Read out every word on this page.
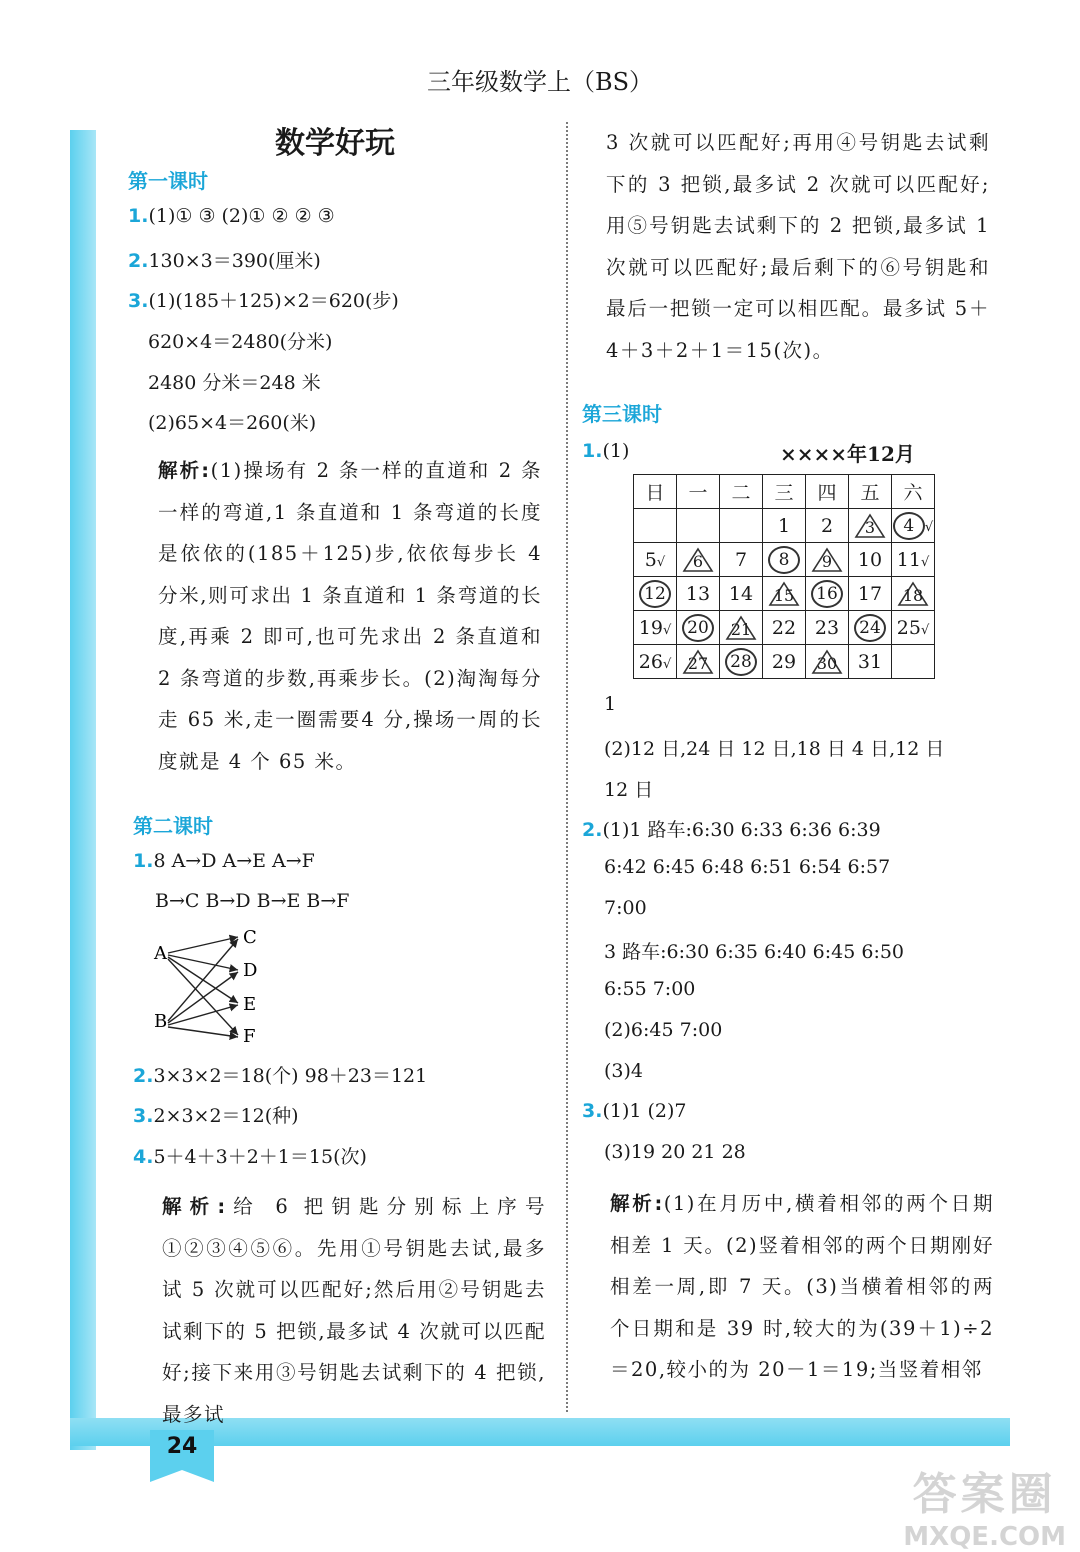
三年级数学上（BS）
数学好玩
第一课时
1.(1)① ③ (2)① ② ② ③
2.130×3＝390(厘米)
3.(1)(185＋125)×2＝620(步)
620×4＝2480(分米)
2480 分米＝248 米
(2)65×4＝260(米)
解析:(1)操场有 2 条一样的直道和 2 条一样的弯道,1 条直道和 1 条弯道的长度是依依的(185＋125)步,依依每步长 4 分米,则可求出 1 条直道和 1 条弯道的长度,再乘 2 即可,也可先求出 2 条直道和 2 条弯道的步数,再乘步长。(2)淘淘每分走 65 米,走一圈需要4 分,操场一周的长度就是 4 个 65 米。
第二课时
1.8 A→D A→E A→F
B→C B→D B→E B→F
A
B
C
D
E
F
2.3×3×2＝18(个) 98＋23＝121
3.2×3×2＝12(种)
4.5＋4＋3＋2＋1＝15(次)
解析:给 6 把钥匙分别标上序号①②③④⑤⑥。先用①号钥匙去试,最多试 5 次就可以匹配好;然后用②号钥匙去试剩下的 5 把锁,最多试 4 次就可以匹配好;接下来用③号钥匙去试剩下的 4 把锁,最多试
3 次就可以匹配好;再用④号钥匙去试剩下的 3 把锁,最多试 2 次就可以匹配好;用⑤号钥匙去试剩下的 2 把锁,最多试 1 次就可以匹配好;最后剩下的⑥号钥匙和最后一把锁一定可以相匹配。最多试 5＋4＋3＋2＋1＝15(次)。
第三课时
1.(1)	××××年12月
日	一	二	三	四	五	六
			1	2	3	4 √
5√	6	7	8	9	10	11√
12	13	14	15	16	17	18
19√	20	21	22	23	24	25√
26√	27	28	29	30	31	
1
(2)12 日,24 日 12 日,18 日 4 日,12 日
12 日
2.(1)1 路车:6:30 6:33 6:36 6:39
6:42 6:45 6:48 6:51 6:54 6:57
7:00
3 路车:6:30 6:35 6:40 6:45 6:50
6:55 7:00
(2)6:45 7:00
(3)4
3.(1)1 (2)7
(3)19 20 21 28
解析:(1)在月历中,横着相邻的两个日期相差 1 天。(2)竖着相邻的两个日期刚好相差一周,即 7 天。(3)当横着相邻的两个日期和是 39 时,较大的为(39＋1)÷2＝20,较小的为 20－1＝19;当竖着相邻
24
答案圈
MXQE.COM
